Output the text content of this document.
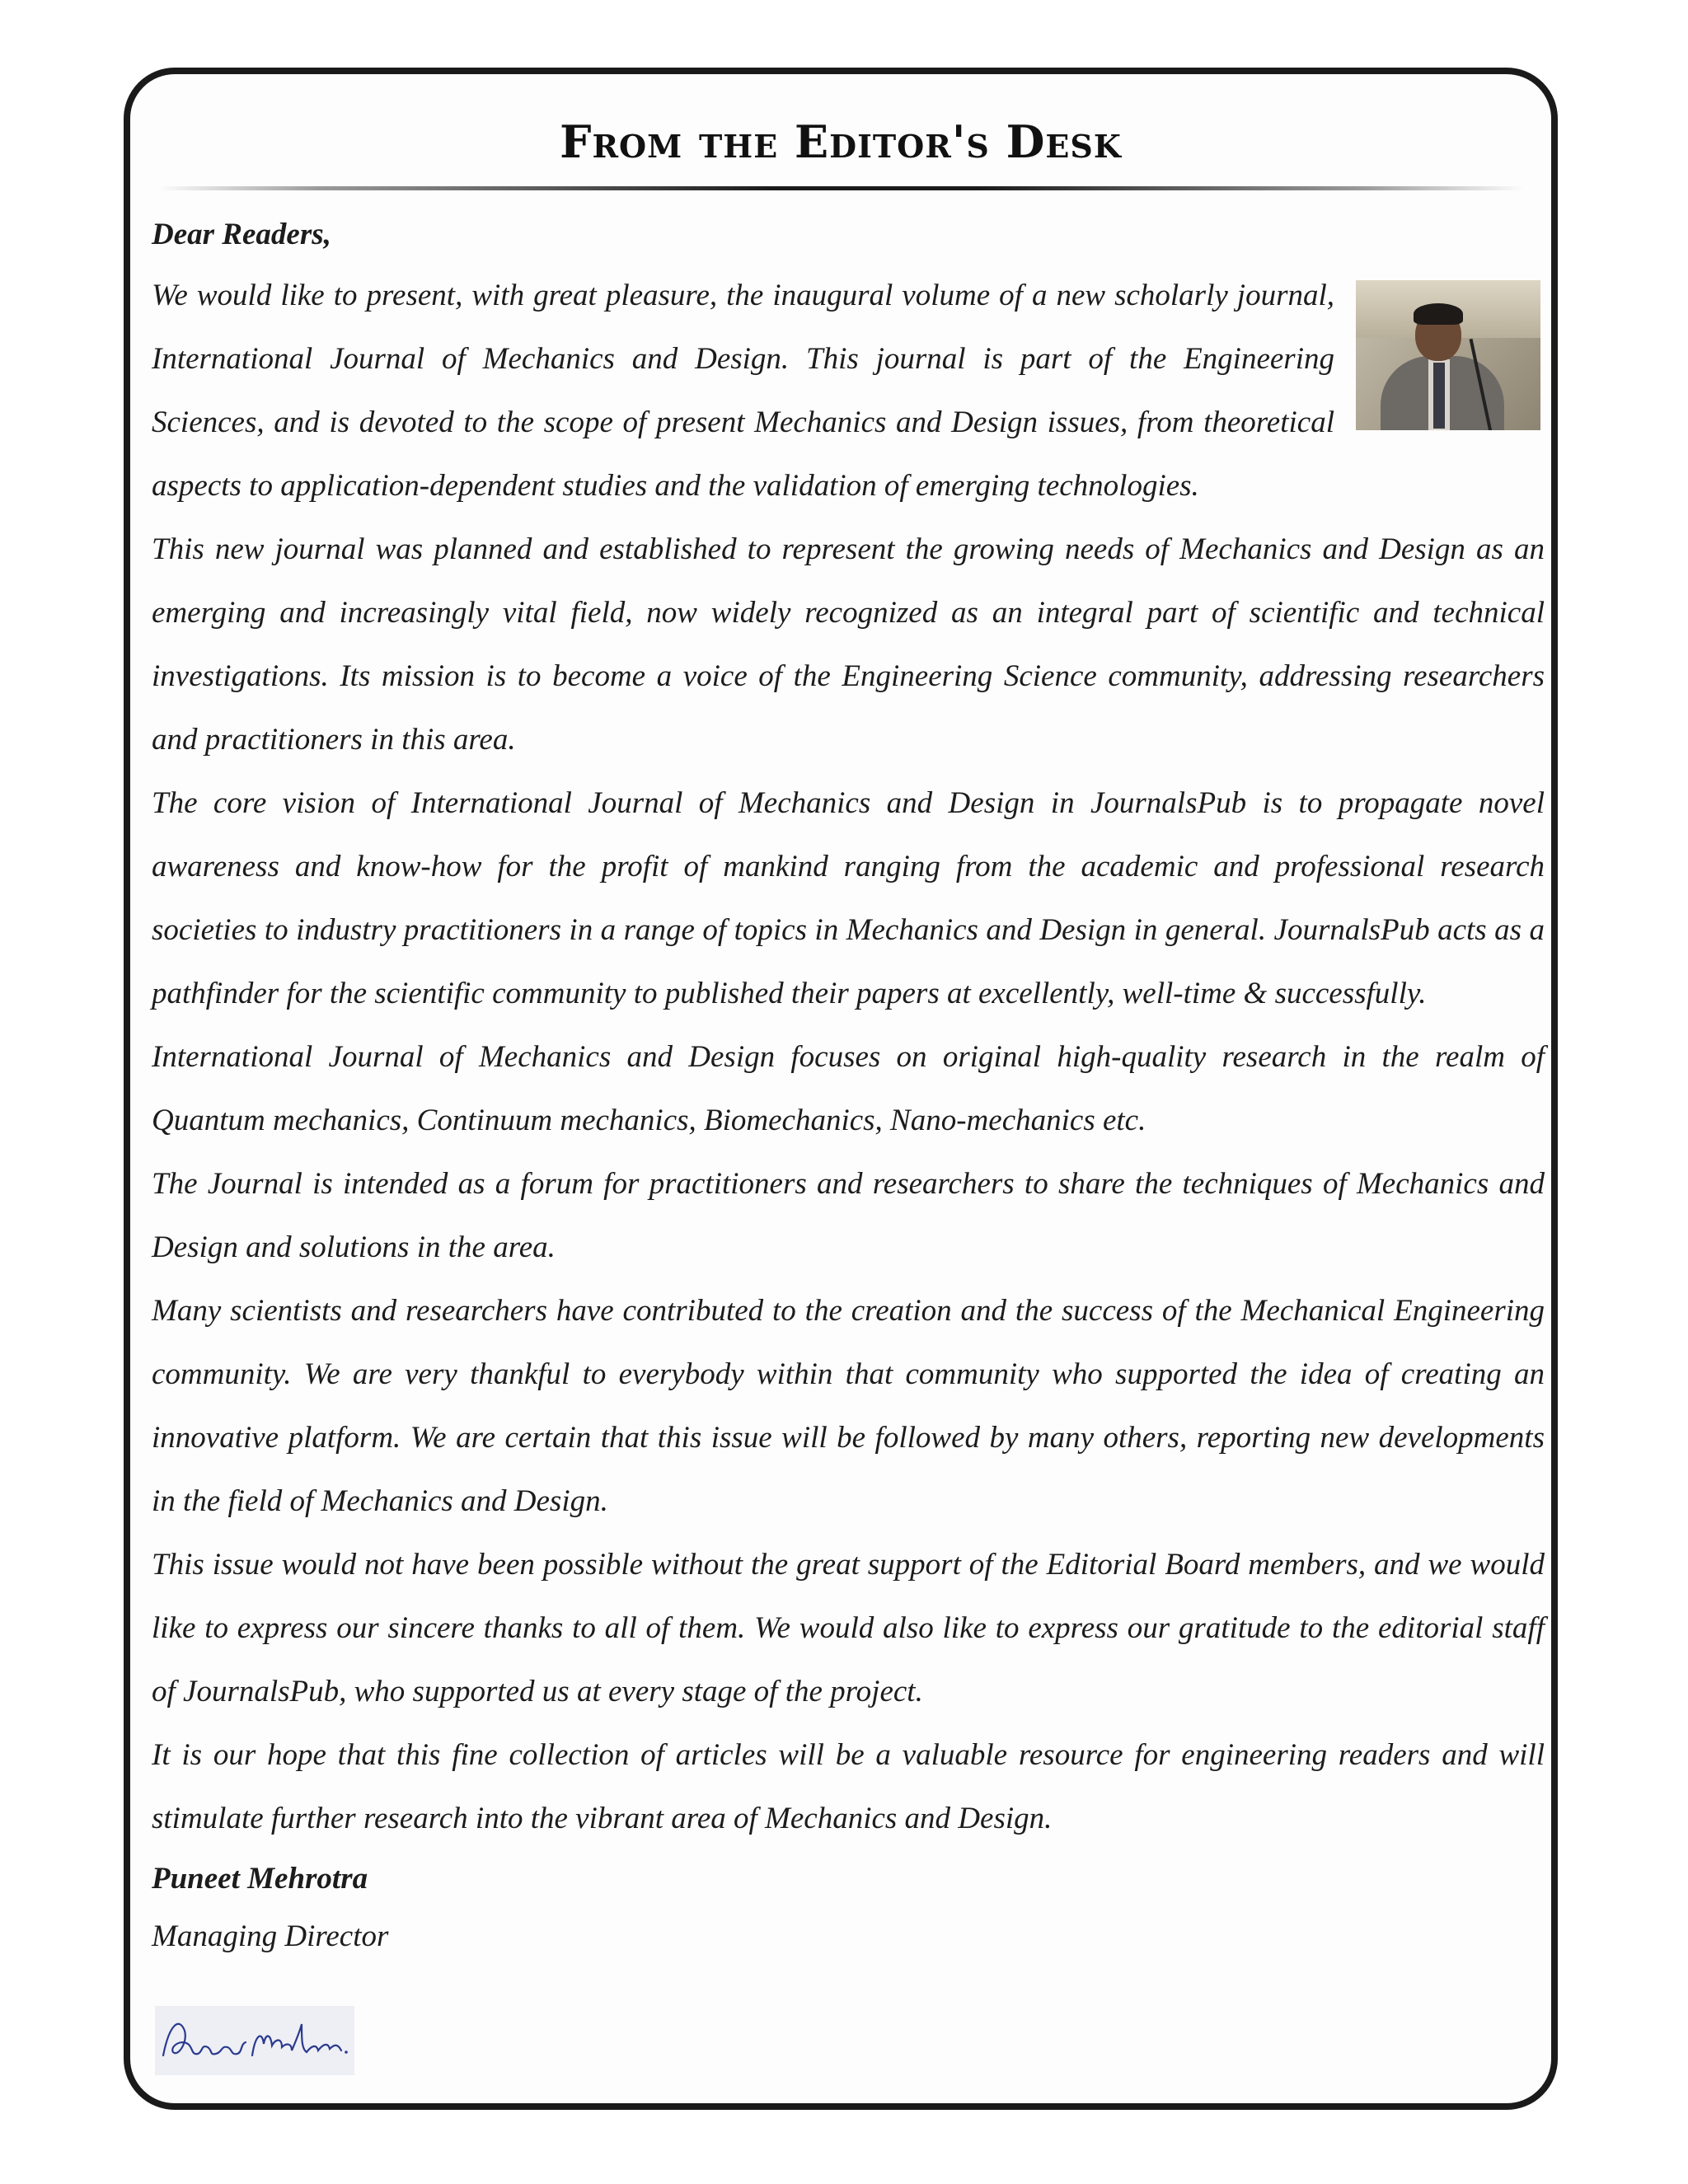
From the Editor's Desk

Dear Readers,

We would like to present, with great pleasure, the inaugural volume of a new scholarly journal, International Journal of Mechanics and Design. This journal is part of the Engineering Sciences, and is devoted to the scope of present Mechanics and Design issues, from theoretical aspects to application-dependent studies and the validation of emerging technologies.

This new journal was planned and established to represent the growing needs of Mechanics and Design as an emerging and increasingly vital field, now widely recognized as an integral part of scientific and technical investigations. Its mission is to become a voice of the Engineering Science community, addressing researchers and practitioners in this area.

The core vision of International Journal of Mechanics and Design in JournalsPub is to propagate novel awareness and know-how for the profit of mankind ranging from the academic and professional research societies to industry practitioners in a range of topics in Mechanics and Design in general. JournalsPub acts as a pathfinder for the scientific community to published their papers at excellently, well-time & successfully.

International Journal of Mechanics and Design focuses on original high-quality research in the realm of Quantum mechanics, Continuum mechanics, Biomechanics, Nano-mechanics etc.

The Journal is intended as a forum for practitioners and researchers to share the techniques of Mechanics and Design and solutions in the area.

Many scientists and researchers have contributed to the creation and the success of the Mechanical Engineering community. We are very thankful to everybody within that community who supported the idea of creating an innovative platform. We are certain that this issue will be followed by many others, reporting new developments in the field of Mechanics and Design.

This issue would not have been possible without the great support of the Editorial Board members, and we would like to express our sincere thanks to all of them. We would also like to express our gratitude to the editorial staff of JournalsPub, who supported us at every stage of the project.

It is our hope that this fine collection of articles will be a valuable resource for engineering readers and will stimulate further research into the vibrant area of Mechanics and Design.

Puneet Mehrotra

Managing Director
